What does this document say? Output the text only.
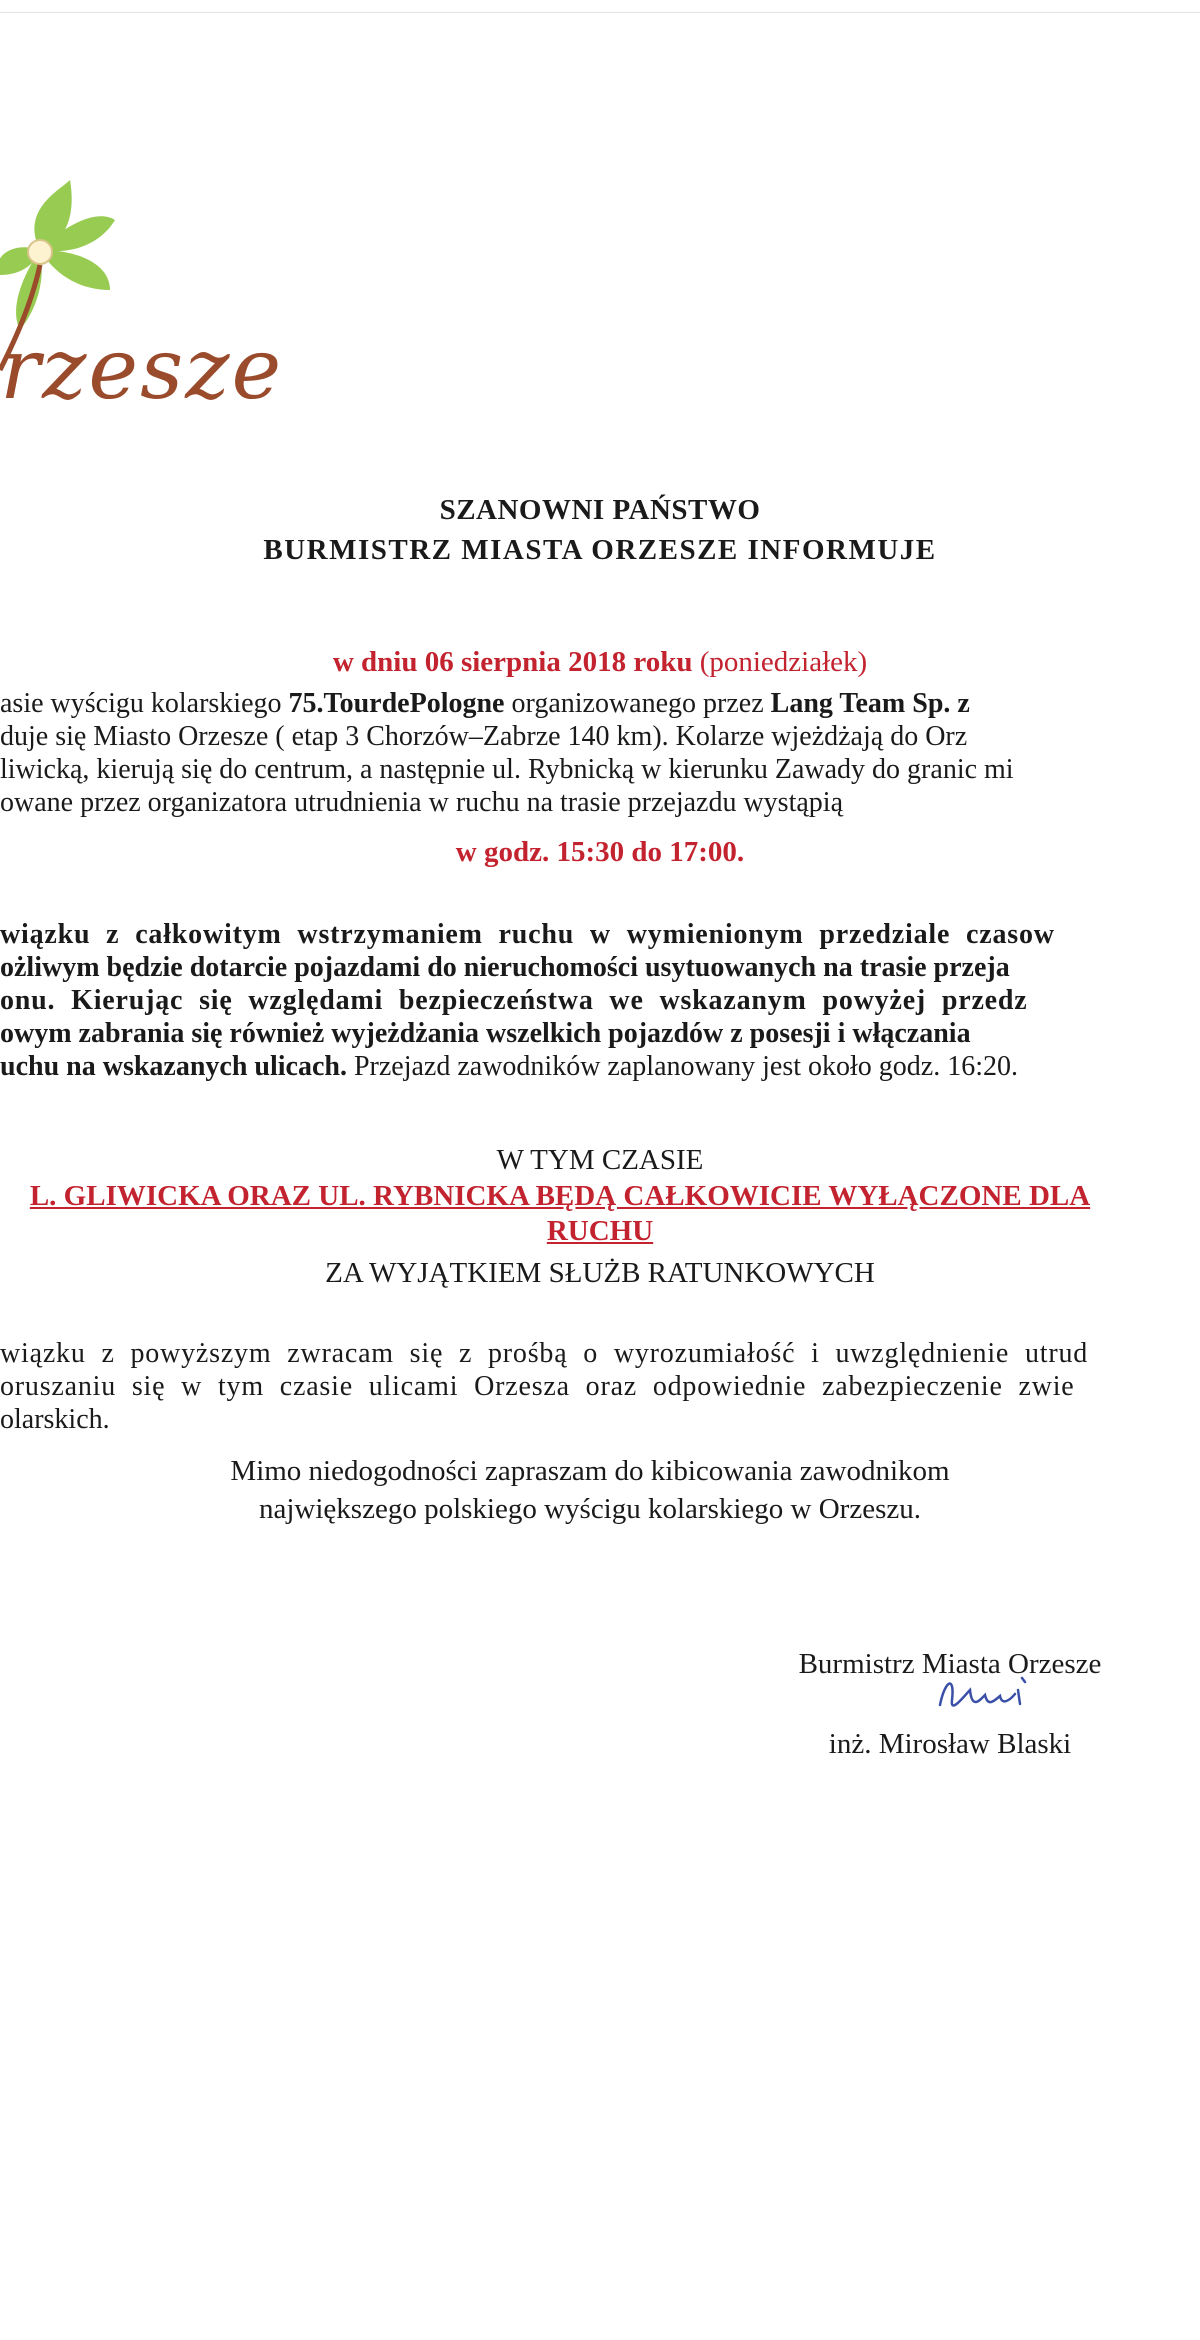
rzesze
SZANOWNI PAŃSTWO
BURMISTRZ MIASTA ORZESZE INFORMUJE
w dniu 06 sierpnia 2018 roku (poniedziałek)
asie wyścigu kolarskiego 75.TourdePologne organizowanego przez Lang Team Sp. z
duje się Miasto Orzesze ( etap 3 Chorzów–Zabrze 140 km). Kolarze wjeżdżają do Orz
liwicką, kierują się do centrum, a następnie ul. Rybnicką w kierunku Zawady do granic mi
owane przez organizatora utrudnienia w ruchu na trasie przejazdu wystąpią
w godz. 15:30 do 17:00.
wiązku z całkowitym wstrzymaniem ruchu w wymienionym przedziale czasow
ożliwym będzie dotarcie pojazdami do nieruchomości usytuowanych na trasie przeja
onu. Kierując się względami bezpieczeństwa we wskazanym powyżej przedz
owym zabrania się również wyjeżdżania wszelkich pojazdów z posesji i włączania
uchu na wskazanych ulicach. Przejazd zawodników zaplanowany jest około godz. 16:20.
W TYM CZASIE
L. GLIWICKA ORAZ UL. RYBNICKA BĘDĄ CAŁKOWICIE WYŁĄCZONE DLA
RUCHU
ZA WYJĄTKIEM SŁUŻB RATUNKOWYCH
wiązku z powyższym zwracam się z prośbą o wyrozumiałość i uwzględnienie utrud
oruszaniu się w tym czasie ulicami Orzesza oraz odpowiednie zabezpieczenie zwie
olarskich.
Mimo niedogodności zapraszam do kibicowania zawodnikom
największego polskiego wyścigu kolarskiego w Orzeszu.
Burmistrz Miasta Orzesze
inż. Mirosław Blaski
